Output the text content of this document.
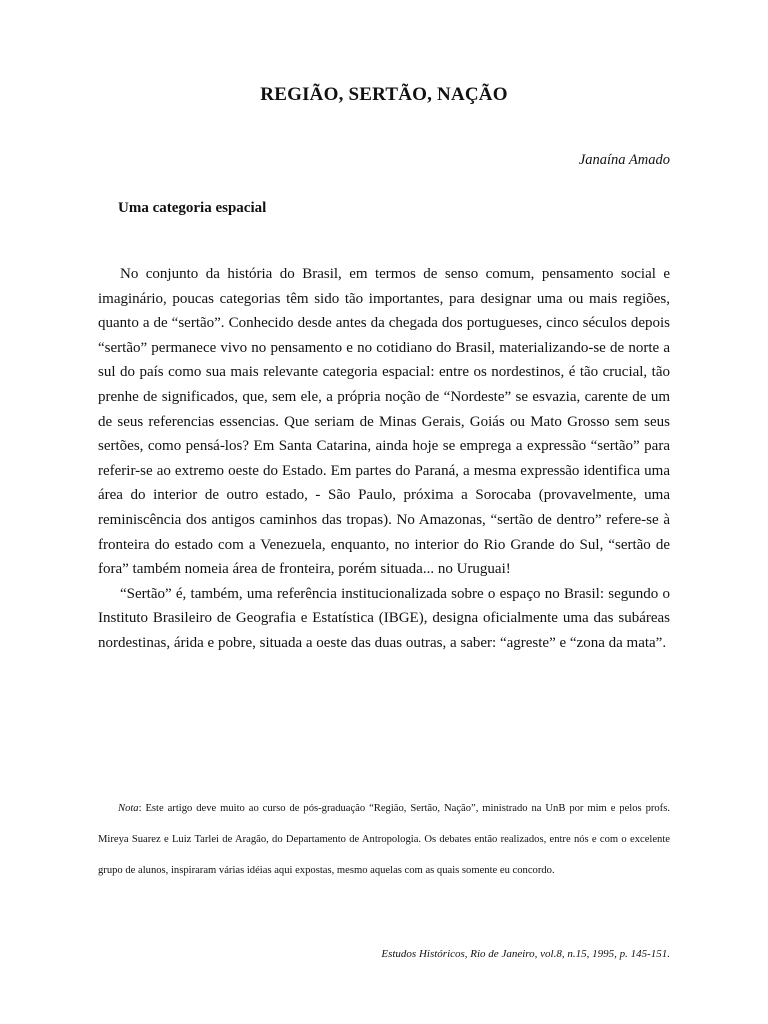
REGIÃO, SERTÃO, NAÇÃO

Janaína Amado

Uma categoria espacial

No conjunto da história do Brasil, em termos de senso comum, pensamento social e imaginário, poucas categorias têm sido tão importantes, para designar uma ou mais regiões, quanto a de “sertão”. Conhecido desde antes da chegada dos portugueses, cinco séculos depois “sertão” permanece vivo no pensamento e no cotidiano do Brasil, materializando-se de norte a sul do país como sua mais relevante categoria espacial: entre os nordestinos, é tão crucial, tão prenhe de significados, que, sem ele, a própria noção de “Nordeste” se esvazia, carente de um de seus referencias essencias. Que seriam de Minas Gerais, Goiás ou Mato Grosso sem seus sertões, como pensá-los? Em Santa Catarina, ainda hoje se emprega a expressão “sertão” para referir-se ao extremo oeste do Estado. Em partes do Paraná, a mesma expressão identifica uma área do interior de outro estado, - São Paulo, próxima a Sorocaba (provavelmente, uma reminiscência dos antigos caminhos das tropas). No Amazonas, “sertão de dentro” refere-se à fronteira do estado com a Venezuela, enquanto, no interior do Rio Grande do Sul, “sertão de fora” também nomeia área de fronteira, porém situada... no Uruguai!

“Sertão” é, também, uma referência institucionalizada sobre o espaço no Brasil: segundo o Instituto Brasileiro de Geografia e Estatística (IBGE), designa oficialmente uma das subáreas nordestinas, árida e pobre, situada a oeste das duas outras, a saber: “agreste” e “zona da mata”.

Nota: Este artigo deve muito ao curso de pós-graduação “Região, Sertão, Nação”, ministrado na UnB por mim e pelos profs. Mireya Suarez e Luiz Tarlei de Aragão, do Departamento de Antropologia. Os debates então realizados, entre nós e com o excelente grupo de alunos, inspiraram várias idéias aqui expostas, mesmo aquelas com as quais somente eu concordo.

Estudos Históricos, Rio de Janeiro, vol.8, n.15, 1995, p. 145-151.
